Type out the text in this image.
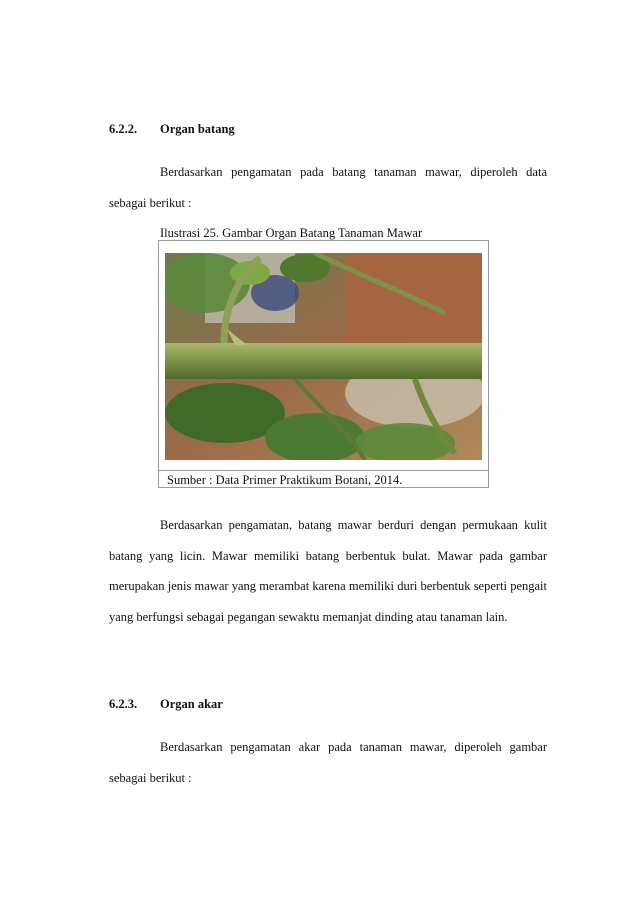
6.2.2. Organ batang

Berdasarkan pengamatan pada batang tanaman mawar, diperoleh data sebagai berikut :

Ilustrasi 25. Gambar Organ Batang Tanaman Mawar
Sumber : Data Primer Praktikum Botani, 2014.

Berdasarkan pengamatan, batang mawar berduri dengan permukaan kulit batang yang licin. Mawar memiliki batang berbentuk bulat. Mawar pada gambar merupakan jenis mawar yang merambat karena memiliki duri berbentuk seperti pengait yang berfungsi sebagai pegangan sewaktu memanjat dinding atau tanaman lain.

6.2.3. Organ akar

Berdasarkan pengamatan akar pada tanaman mawar, diperoleh gambar sebagai berikut :
